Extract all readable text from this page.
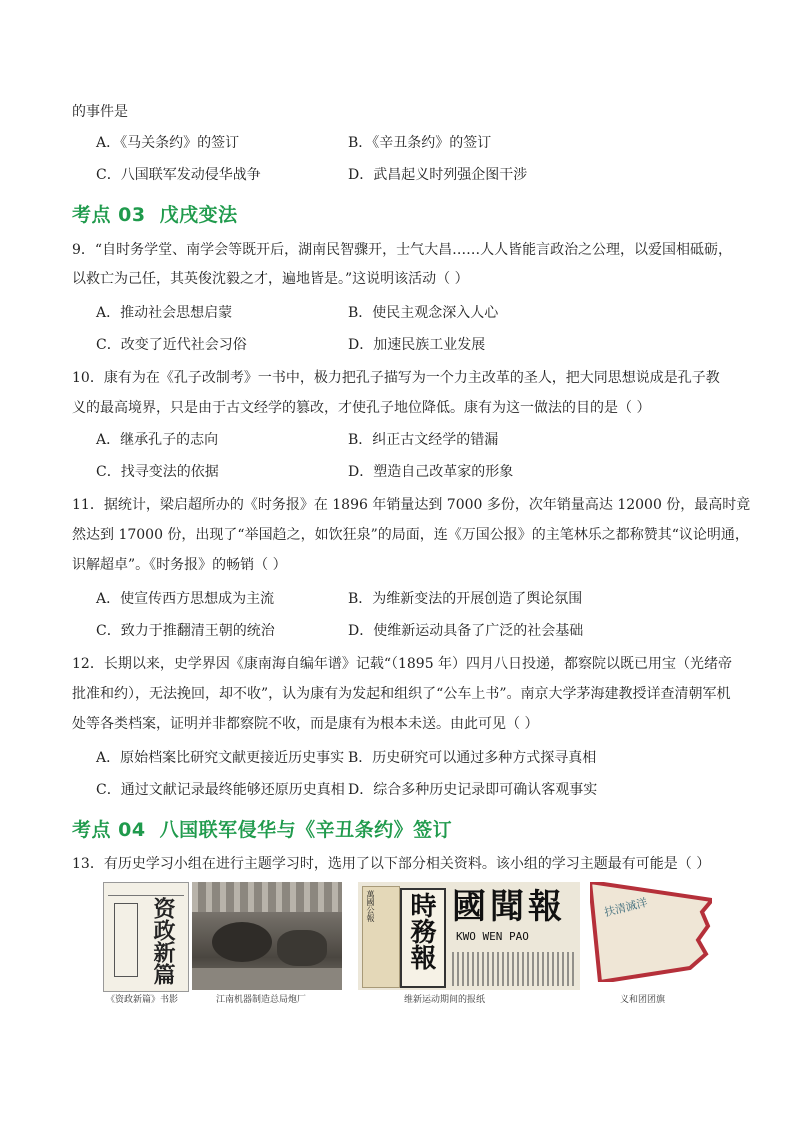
的事件是
A．《马关条约》的签订	B．《辛丑条约》的签订
C．八国联军发动侵华战争	D．武昌起义时列强企图干涉
考点 03 戊戌变法
9．“自时务学堂、南学会等既开后，湖南民智骤开，士气大昌……人人皆能言政治之公理，以爱国相砥砺，
以救亡为己任，其英俊沈毅之才，遍地皆是。”这说明该活动（ ）
A．推动社会思想启蒙	B．使民主观念深入人心
C．改变了近代社会习俗	D．加速民族工业发展
10．康有为在《孔子改制考》一书中，极力把孔子描写为一个力主改革的圣人，把大同思想说成是孔子教
义的最高境界，只是由于古文经学的篡改，才使孔子地位降低。康有为这一做法的目的是（ ）
A．继承孔子的志向	B．纠正古文经学的错漏
C．找寻变法的依据	D．塑造自己改革家的形象
11．据统计，梁启超所办的《时务报》在 1896 年销量达到 7000 多份，次年销量高达 12000 份，最高时竟
然达到 17000 份，出现了“举国趋之，如饮狂泉”的局面，连《万国公报》的主笔林乐之都称赞其“议论明通，
识解超卓”。《时务报》的畅销（ ）
A．使宣传西方思想成为主流	B．为维新变法的开展创造了舆论氛围
C．致力于推翻清王朝的统治	D．使维新运动具备了广泛的社会基础
12．长期以来，史学界因《康南海自编年谱》记载“（1895 年）四月八日投递，都察院以既已用宝（光绪帝
批准和约），无法挽回，却不收”，认为康有为发起和组织了“公车上书”。南京大学茅海建教授详查清朝军机
处等各类档案，证明并非都察院不收，而是康有为根本未送。由此可见（ ）
A．原始档案比研究文献更接近历史事实 B．历史研究可以通过多种方式探寻真相
C．通过文献记录最终能够还原历史真相 D．综合多种历史记录即可确认客观事实
考点 04 八国联军侵华与《辛丑条约》签订
13．有历史学习小组在进行主题学习时，选用了以下部分相关资料。该小组的学习主题最有可能是（ ）
资政新篇	萬國公報 時務報 國聞報
KWO WEN PAO
扶清滅洋
《资政新篇》书影	江南机器制造总局炮厂	维新运动期间的报纸	义和团团旗
